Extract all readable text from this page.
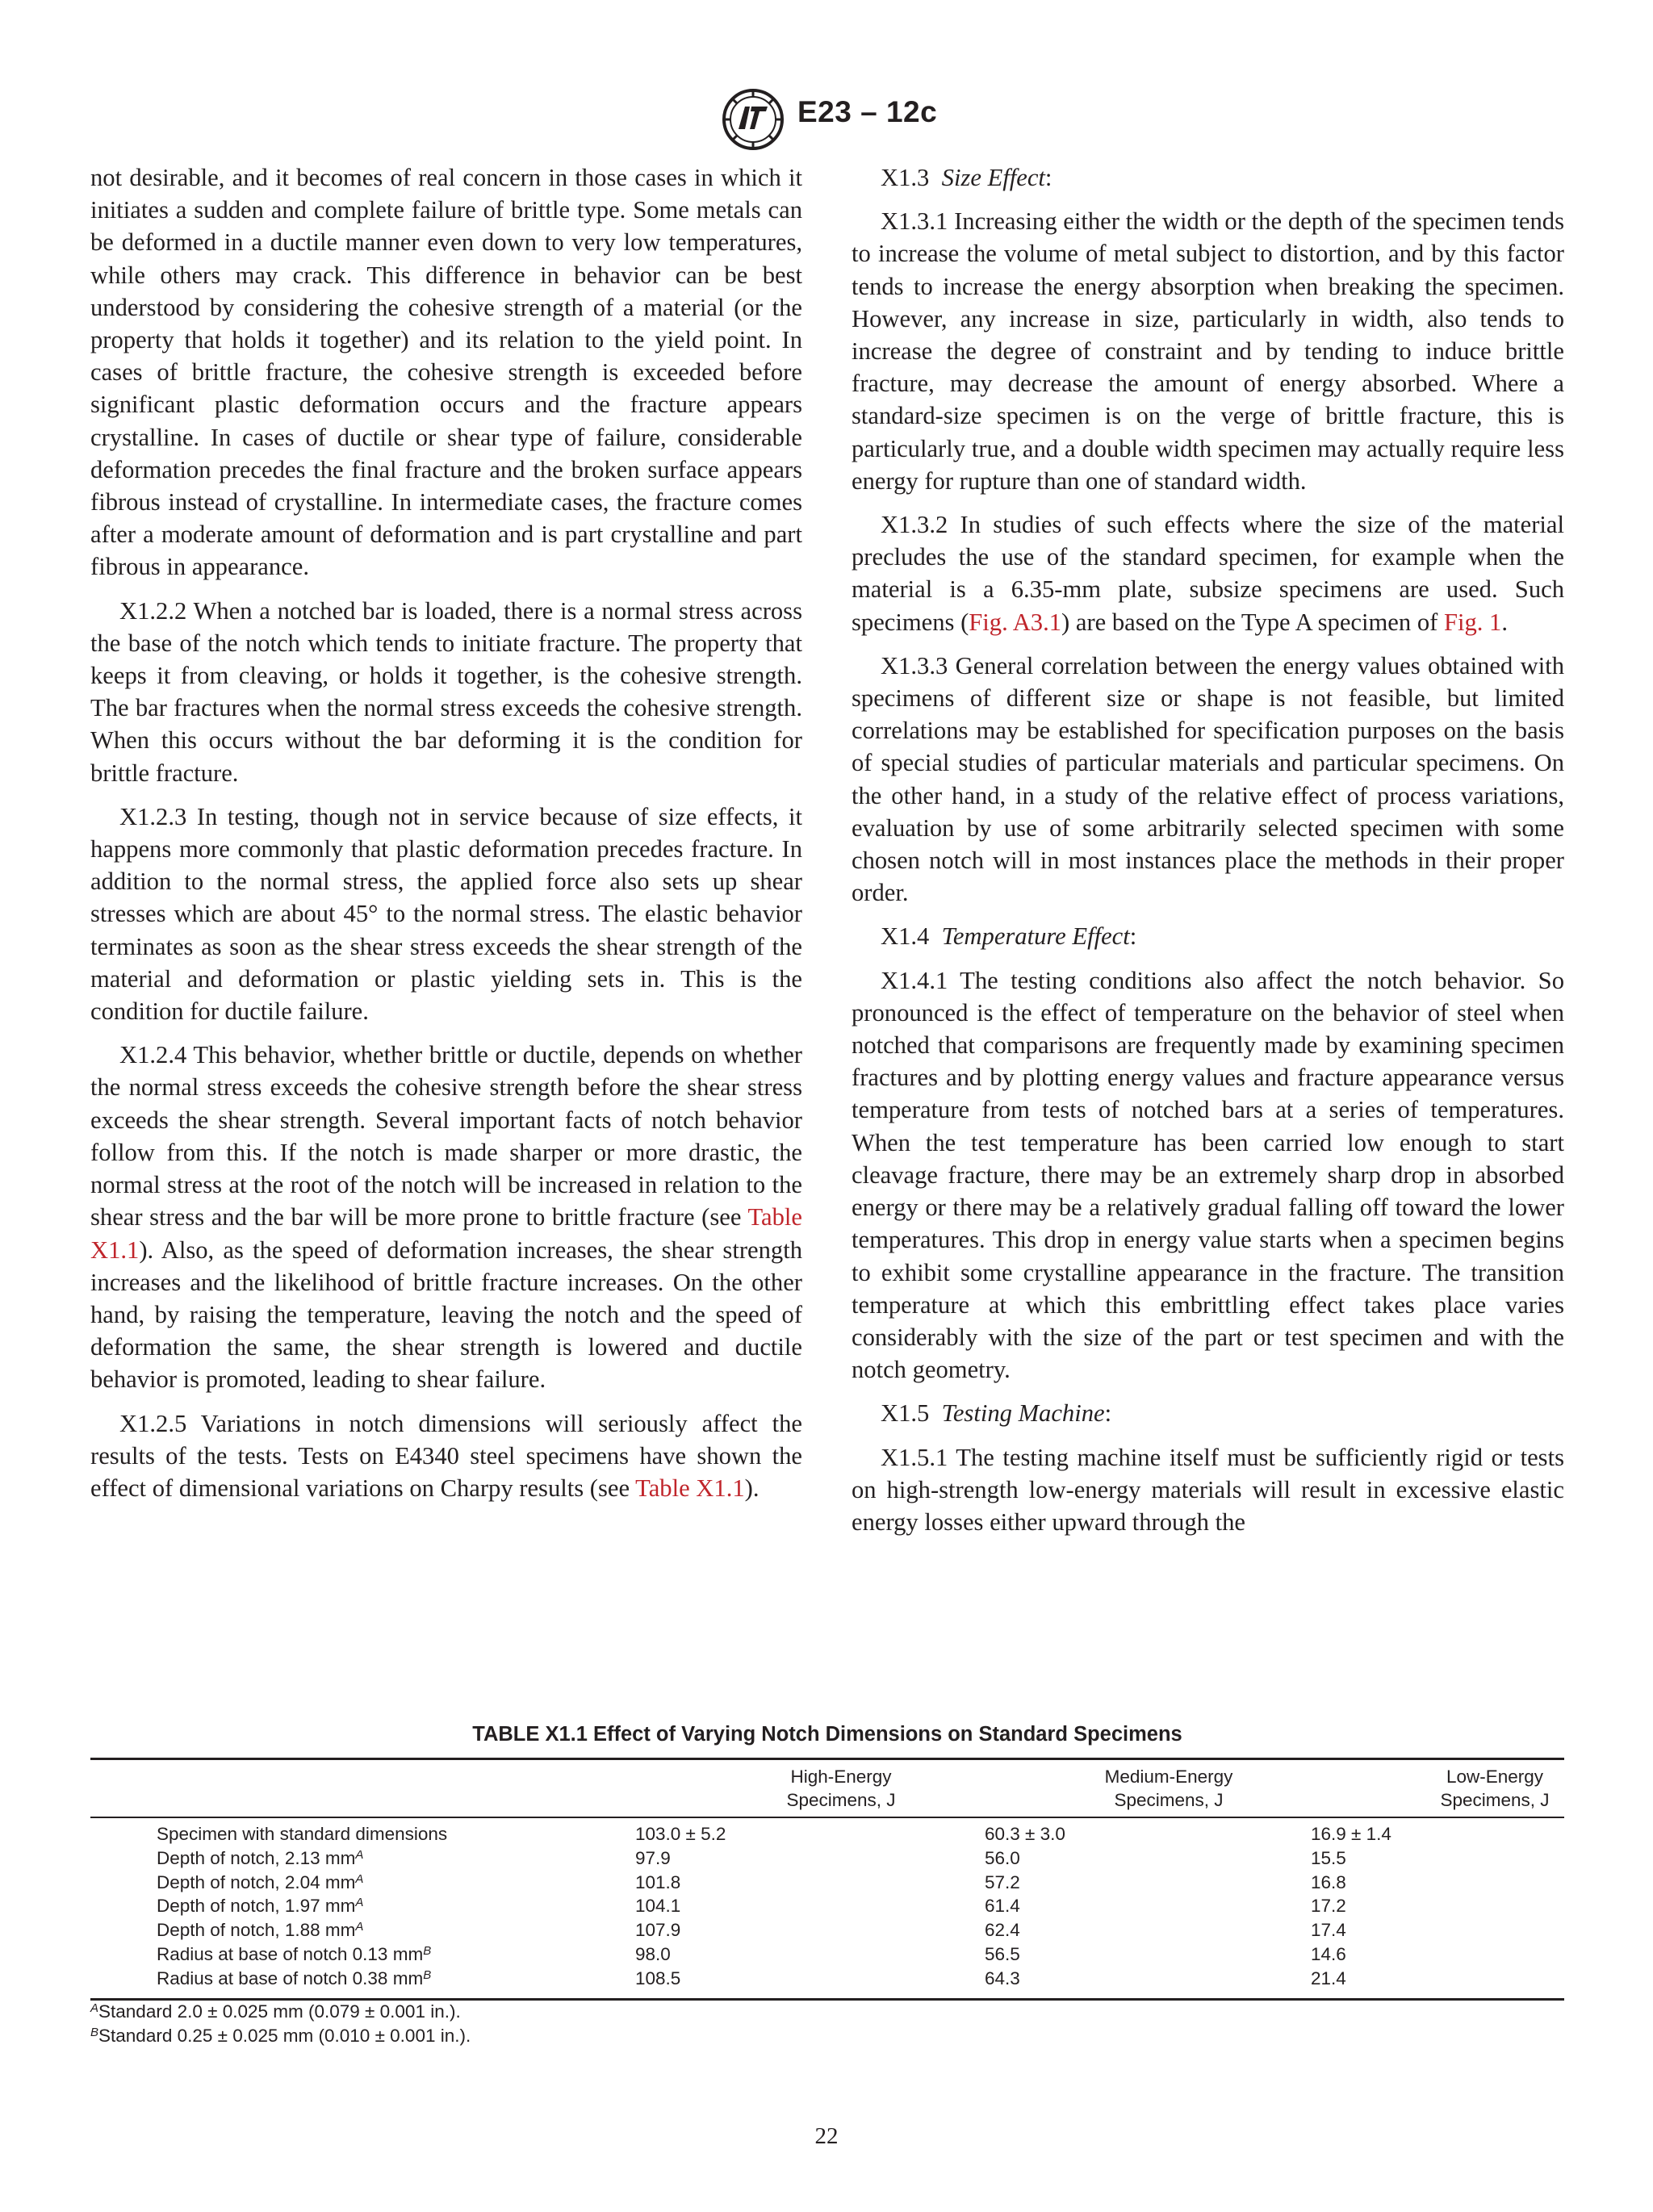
E23 – 12c

not desirable, and it becomes of real concern in those cases in which it initiates a sudden and complete failure of brittle type. Some metals can be deformed in a ductile manner even down to very low temperatures, while others may crack. This difference in behavior can be best understood by considering the cohesive strength of a material (or the property that holds it together) and its relation to the yield point. In cases of brittle fracture, the cohesive strength is exceeded before significant plastic deformation occurs and the fracture appears crystalline. In cases of ductile or shear type of failure, considerable deformation precedes the final fracture and the broken surface appears fibrous instead of crystalline. In intermediate cases, the fracture comes after a moderate amount of deformation and is part crystalline and part fibrous in appearance.

X1.2.2 When a notched bar is loaded, there is a normal stress across the base of the notch which tends to initiate fracture. The property that keeps it from cleaving, or holds it together, is the cohesive strength. The bar fractures when the normal stress exceeds the cohesive strength. When this occurs without the bar deforming it is the condition for brittle fracture.

X1.2.3 In testing, though not in service because of size effects, it happens more commonly that plastic deformation precedes fracture. In addition to the normal stress, the applied force also sets up shear stresses which are about 45° to the normal stress. The elastic behavior terminates as soon as the shear stress exceeds the shear strength of the material and deformation or plastic yielding sets in. This is the condition for ductile failure.

X1.2.4 This behavior, whether brittle or ductile, depends on whether the normal stress exceeds the cohesive strength before the shear stress exceeds the shear strength. Several important facts of notch behavior follow from this. If the notch is made sharper or more drastic, the normal stress at the root of the notch will be increased in relation to the shear stress and the bar will be more prone to brittle fracture (see Table X1.1). Also, as the speed of deformation increases, the shear strength increases and the likelihood of brittle fracture increases. On the other hand, by raising the temperature, leaving the notch and the speed of deformation the same, the shear strength is lowered and ductile behavior is promoted, leading to shear failure.

X1.2.5 Variations in notch dimensions will seriously affect the results of the tests. Tests on E4340 steel specimens have shown the effect of dimensional variations on Charpy results (see Table X1.1).

X1.3 Size Effect:

X1.3.1 Increasing either the width or the depth of the specimen tends to increase the volume of metal subject to distortion, and by this factor tends to increase the energy absorption when breaking the specimen. However, any increase in size, particularly in width, also tends to increase the degree of constraint and by tending to induce brittle fracture, may decrease the amount of energy absorbed. Where a standard-size specimen is on the verge of brittle fracture, this is particularly true, and a double width specimen may actually require less energy for rupture than one of standard width.

X1.3.2 In studies of such effects where the size of the material precludes the use of the standard specimen, for example when the material is a 6.35-mm plate, subsize specimens are used. Such specimens (Fig. A3.1) are based on the Type A specimen of Fig. 1.

X1.3.3 General correlation between the energy values obtained with specimens of different size or shape is not feasible, but limited correlations may be established for specification purposes on the basis of special studies of particular materials and particular specimens. On the other hand, in a study of the relative effect of process variations, evaluation by use of some arbitrarily selected specimen with some chosen notch will in most instances place the methods in their proper order.

X1.4 Temperature Effect:

X1.4.1 The testing conditions also affect the notch behavior. So pronounced is the effect of temperature on the behavior of steel when notched that comparisons are frequently made by examining specimen fractures and by plotting energy values and fracture appearance versus temperature from tests of notched bars at a series of temperatures. When the test temperature has been carried low enough to start cleavage fracture, there may be an extremely sharp drop in absorbed energy or there may be a relatively gradual falling off toward the lower temperatures. This drop in energy value starts when a specimen begins to exhibit some crystalline appearance in the fracture. The transition temperature at which this embrittling effect takes place varies considerably with the size of the part or test specimen and with the notch geometry.

X1.5 Testing Machine:

X1.5.1 The testing machine itself must be sufficiently rigid or tests on high-strength low-energy materials will result in excessive elastic energy losses either upward through the

TABLE X1.1 Effect of Varying Notch Dimensions on Standard Specimens
High-Energy
Specimens, J
Medium-Energy
Specimens, J
Low-Energy
Specimens, J
Specimen with standard dimensions	103.0 ± 5.2	60.3 ± 3.0	16.9 ± 1.4
Depth of notch, 2.13 $mm^A$	97.9	56.0	15.5
Depth of notch, 2.04 $mm^A$	101.8	57.2	16.8
Depth of notch, 1.97 $mm^A$	104.1	61.4	17.2
Depth of notch, 1.88 $mm^A$	107.9	62.4	17.4
Radius at base of notch 0.13 $mm^B$	98.0	56.5	14.6
Radius at base of notch 0.38 $mm^B$	108.5	64.3	21.4
$^A$Standard 2.0 ± 0.025 mm (0.079 ± 0.001 in.).
$^B$Standard 0.25 ± 0.025 mm (0.010 ± 0.001 in.).
22
